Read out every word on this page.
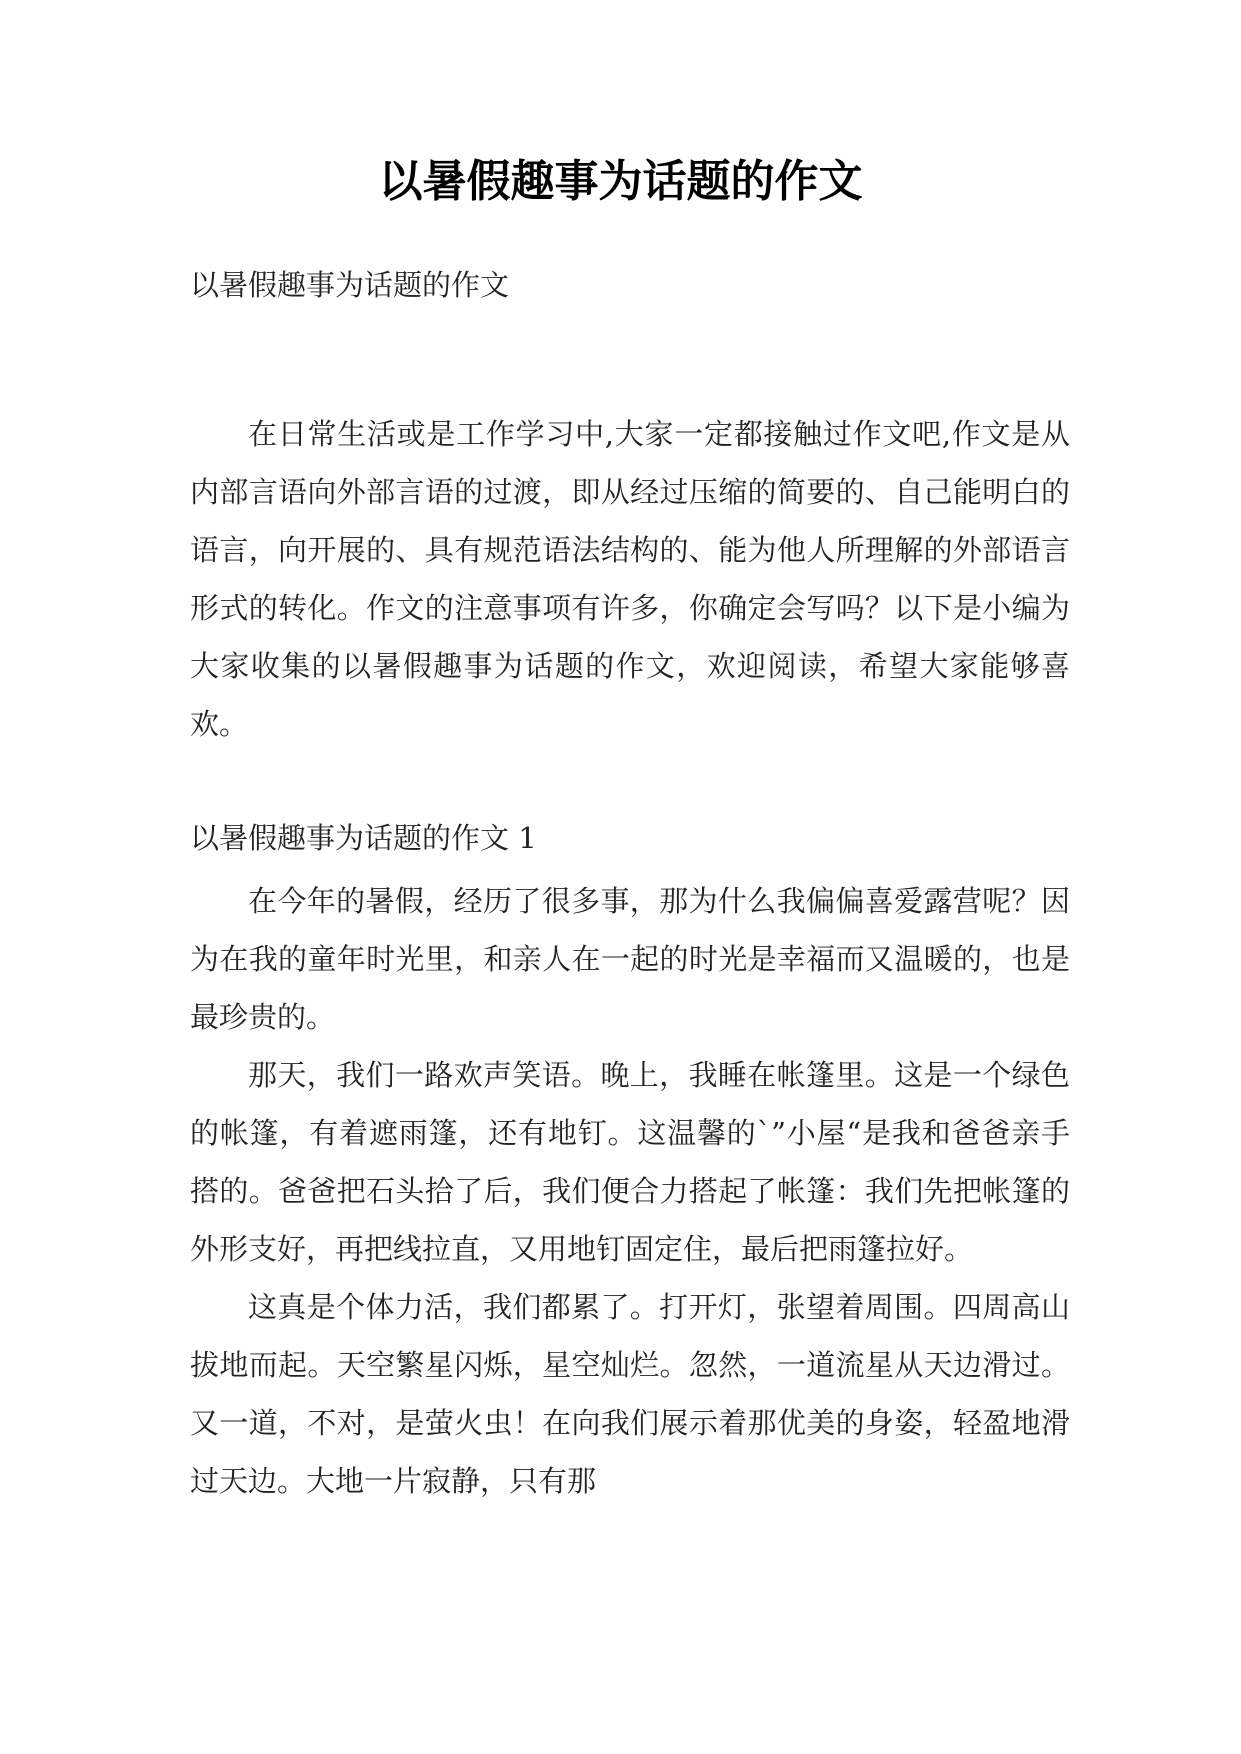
以暑假趣事为话题的作文
以暑假趣事为话题的作文

在日常生活或是工作学习中,大家一定都接触过作文吧,作文是从内部言语向外部言语的过渡，即从经过压缩的简要的、自己能明白的语言，向开展的、具有规范语法结构的、能为他人所理解的外部语言形式的转化。作文的注意事项有许多，你确定会写吗？以下是小编为大家收集的以暑假趣事为话题的作文，欢迎阅读，希望大家能够喜欢。

以暑假趣事为话题的作文 1

在今年的暑假，经历了很多事，那为什么我偏偏喜爱露营呢？因为在我的童年时光里，和亲人在一起的时光是幸福而又温暖的，也是最珍贵的。

那天，我们一路欢声笑语。晚上，我睡在帐篷里。这是一个绿色的帐篷，有着遮雨篷，还有地钉。这温馨的`”小屋“是我和爸爸亲手搭的。爸爸把石头拾了后，我们便合力搭起了帐篷：我们先把帐篷的外形支好，再把线拉直，又用地钉固定住，最后把雨篷拉好。

这真是个体力活，我们都累了。打开灯，张望着周围。四周高山拔地而起。天空繁星闪烁，星空灿烂。忽然，一道流星从天边滑过。又一道，不对，是萤火虫！在向我们展示着那优美的身姿，轻盈地滑过天边。大地一片寂静，只有那
